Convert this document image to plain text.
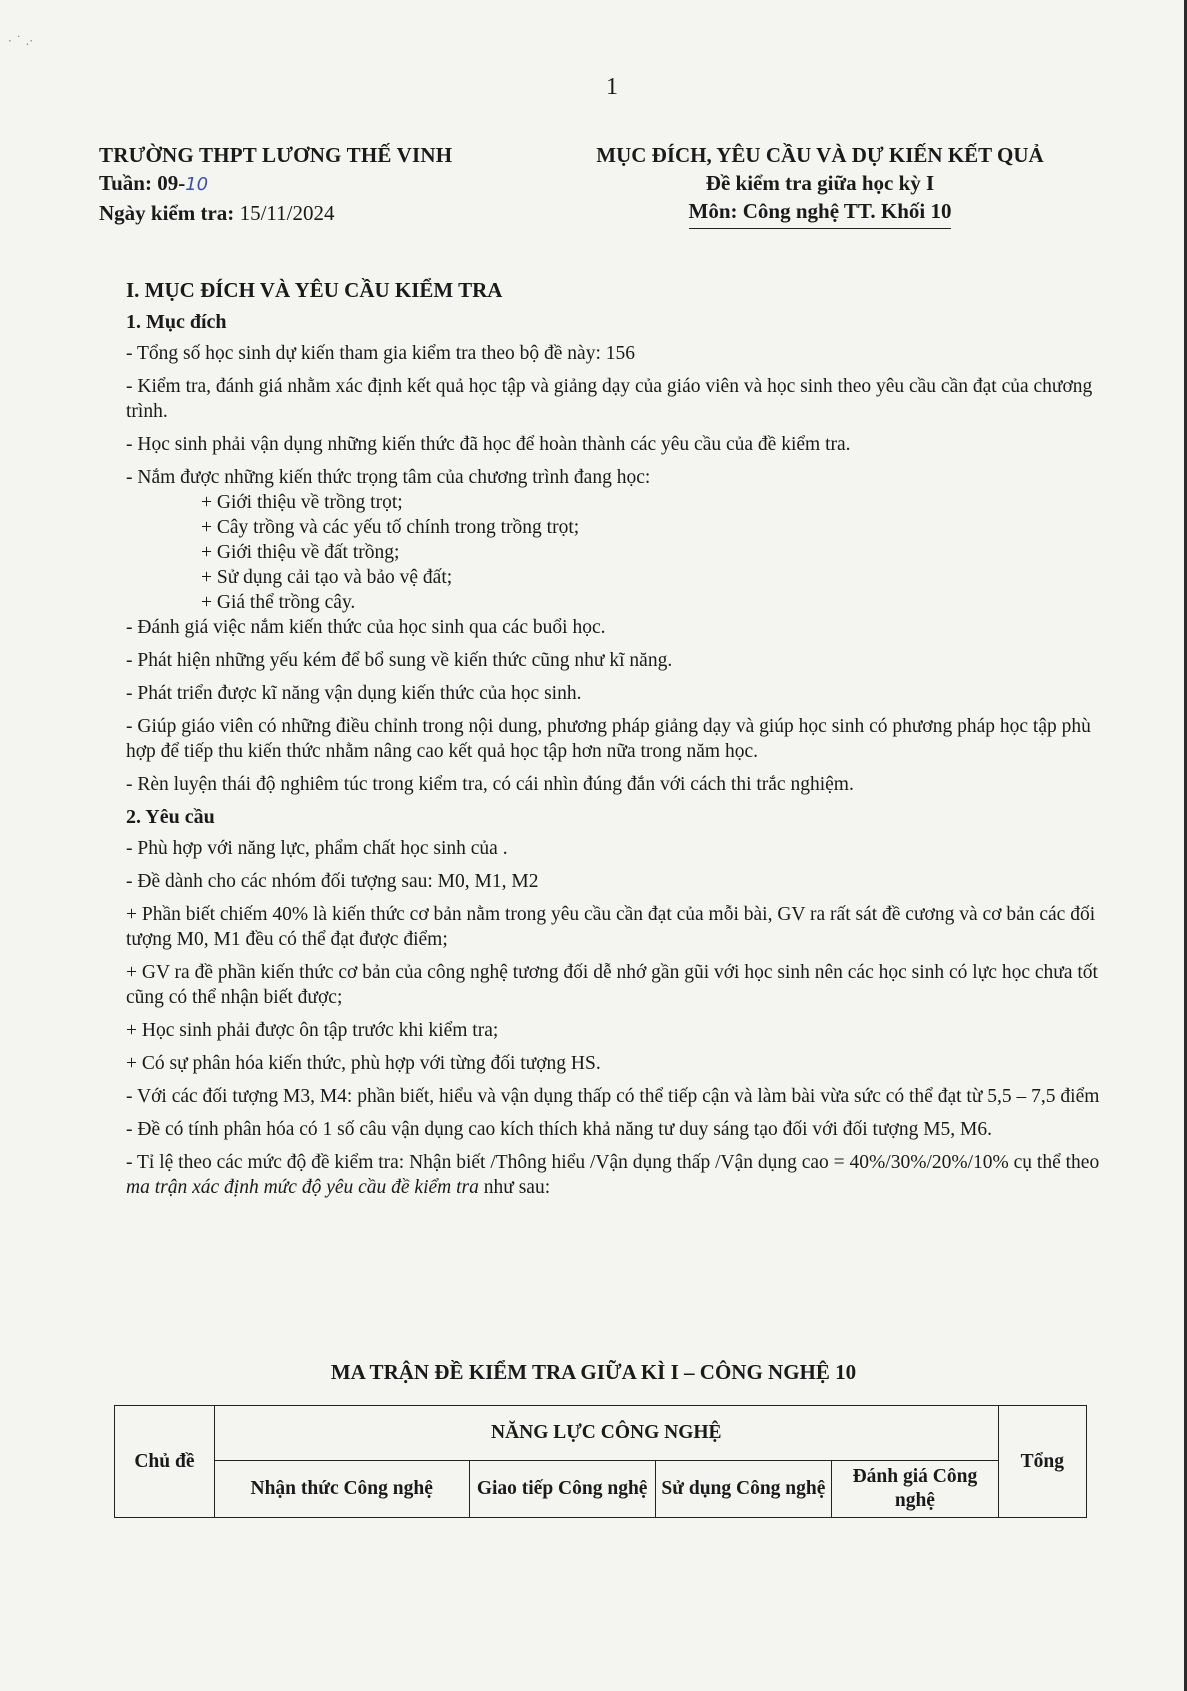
· ˙ .·
1
TRƯỜNG THPT LƯƠNG THẾ VINH
Tuần: 09-10
Ngày kiểm tra: 15/11/2024
MỤC ĐÍCH, YÊU CẦU VÀ DỰ KIẾN KẾT QUẢ
Đề kiểm tra giữa học kỳ I
Môn: Công nghệ TT. Khối 10

I. MỤC ĐÍCH VÀ YÊU CẦU KIỂM TRA

1. Mục đích

- Tổng số học sinh dự kiến tham gia kiểm tra theo bộ đề này: 156

- Kiểm tra, đánh giá nhằm xác định kết quả học tập và giảng dạy của giáo viên và học sinh theo yêu cầu cần đạt của chương trình.

- Học sinh phải vận dụng những kiến thức đã học để hoàn thành các yêu cầu của đề kiểm tra.

- Nắm được những kiến thức trọng tâm của chương trình đang học:

+ Giới thiệu về trồng trọt;

+ Cây trồng và các yếu tố chính trong trồng trọt;

+ Giới thiệu về đất trồng;

+ Sử dụng cải tạo và bảo vệ đất;

+ Giá thể trồng cây.

- Đánh giá việc nắm kiến thức của học sinh qua các buổi học.

- Phát hiện những yếu kém để bổ sung về kiến thức cũng như kĩ năng.

- Phát triển được kĩ năng vận dụng kiến thức của học sinh.

- Giúp giáo viên có những điều chỉnh trong nội dung, phương pháp giảng dạy và giúp học sinh có phương pháp học tập phù hợp để tiếp thu kiến thức nhằm nâng cao kết quả học tập hơn nữa trong năm học.

- Rèn luyện thái độ nghiêm túc trong kiểm tra, có cái nhìn đúng đắn với cách thi trắc nghiệm.

2. Yêu cầu

- Phù hợp với năng lực, phẩm chất học sinh của .

- Đề dành cho các nhóm đối tượng sau: M0, M1, M2

+ Phần biết chiếm 40% là kiến thức cơ bản nằm trong yêu cầu cần đạt của mỗi bài, GV ra rất sát đề cương và cơ bản các đối tượng M0, M1 đều có thể đạt được điểm;

+ GV ra đề phần kiến thức cơ bản của công nghệ tương đối dễ nhớ gần gũi với học sinh nên các học sinh có lực học chưa tốt cũng có thể nhận biết được;

+ Học sinh phải được ôn tập trước khi kiểm tra;

+ Có sự phân hóa kiến thức, phù hợp với từng đối tượng HS.

- Với các đối tượng M3, M4: phần biết, hiểu và vận dụng thấp có thể tiếp cận và làm bài vừa sức có thể đạt từ 5,5 – 7,5 điểm

- Đề có tính phân hóa có 1 số câu vận dụng cao kích thích khả năng tư duy sáng tạo đối với đối tượng M5, M6.

- Tỉ lệ theo các mức độ đề kiểm tra: Nhận biết /Thông hiểu /Vận dụng thấp /Vận dụng cao = 40%/30%/20%/10% cụ thể theo ma trận xác định mức độ yêu cầu đề kiểm tra như sau:

MA TRẬN ĐỀ KIỂM TRA GIỮA KÌ I – CÔNG NGHỆ 10
Chủ đề	NĂNG LỰC CÔNG NGHỆ				Tổng
	Nhận thức Công nghệ	Giao tiếp Công nghệ	Sử dụng Công nghệ	Đánh giá Công nghệ	
